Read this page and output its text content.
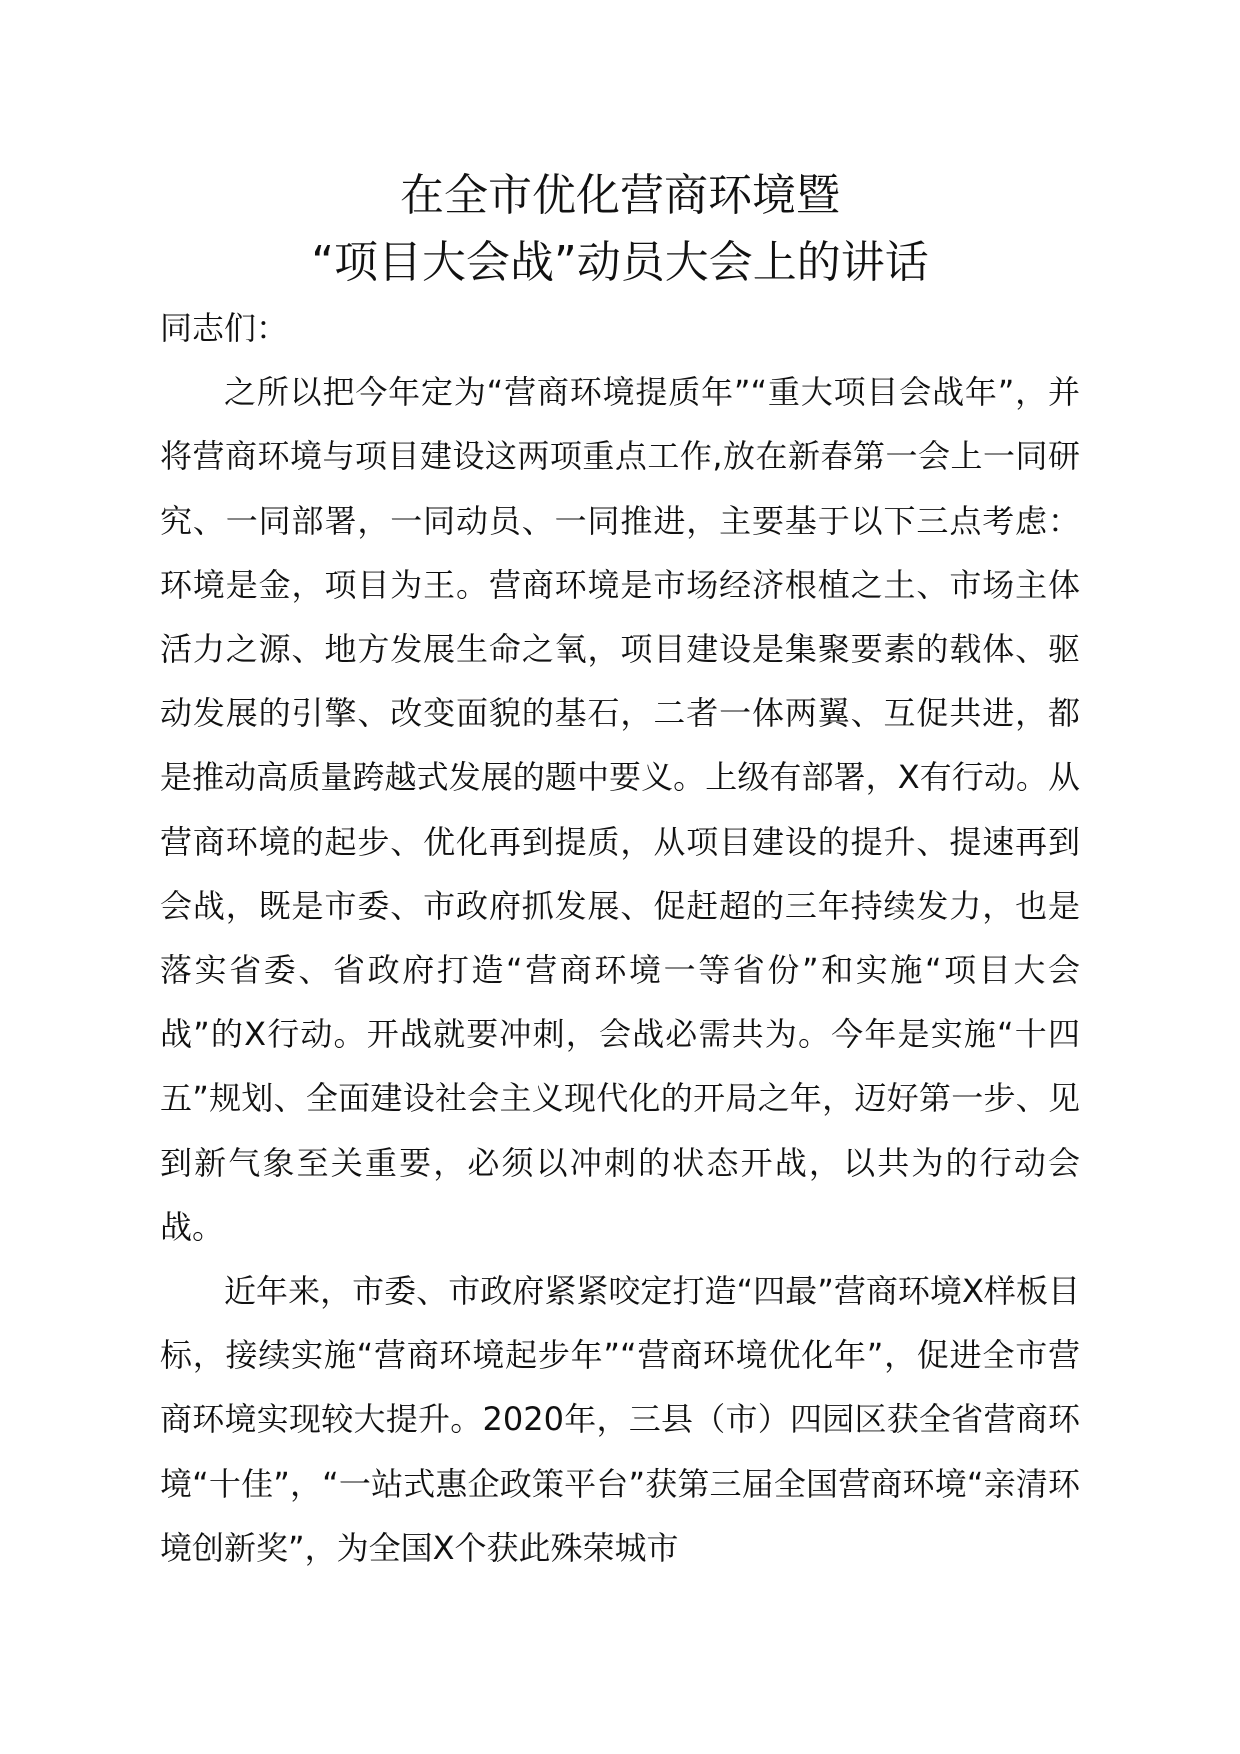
在全市优化营商环境暨
“项目大会战”动员大会上的讲话

同志们：

之所以把今年定为“营商环境提质年”“重大项目会战年”，并将营商环境与项目建设这两项重点工作,放在新春第一会上一同研究、一同部署，一同动员、一同推进，主要基于以下三点考虑：环境是金，项目为王。营商环境是市场经济根植之土、市场主体活力之源、地方发展生命之氧，项目建设是集聚要素的载体、驱动发展的引擎、改变面貌的基石，二者一体两翼、互促共进，都是推动高质量跨越式发展的题中要义。上级有部署，X有行动。从营商环境的起步、优化再到提质，从项目建设的提升、提速再到会战，既是市委、市政府抓发展、促赶超的三年持续发力，也是落实省委、省政府打造“营商环境一等省份”和实施“项目大会战”的X行动。开战就要冲刺，会战必需共为。今年是实施“十四五”规划、全面建设社会主义现代化的开局之年，迈好第一步、见到新气象至关重要，必须以冲刺的状态开战，以共为的行动会战。

近年来，市委、市政府紧紧咬定打造“四最”营商环境X样板目标，接续实施“营商环境起步年”“营商环境优化年”，促进全市营商环境实现较大提升。2020年，三县（市）四园区获全省营商环境“十佳”，“一站式惠企政策平台”获第三届全国营商环境“亲清环境创新奖”，为全国X个获此殊荣城市
